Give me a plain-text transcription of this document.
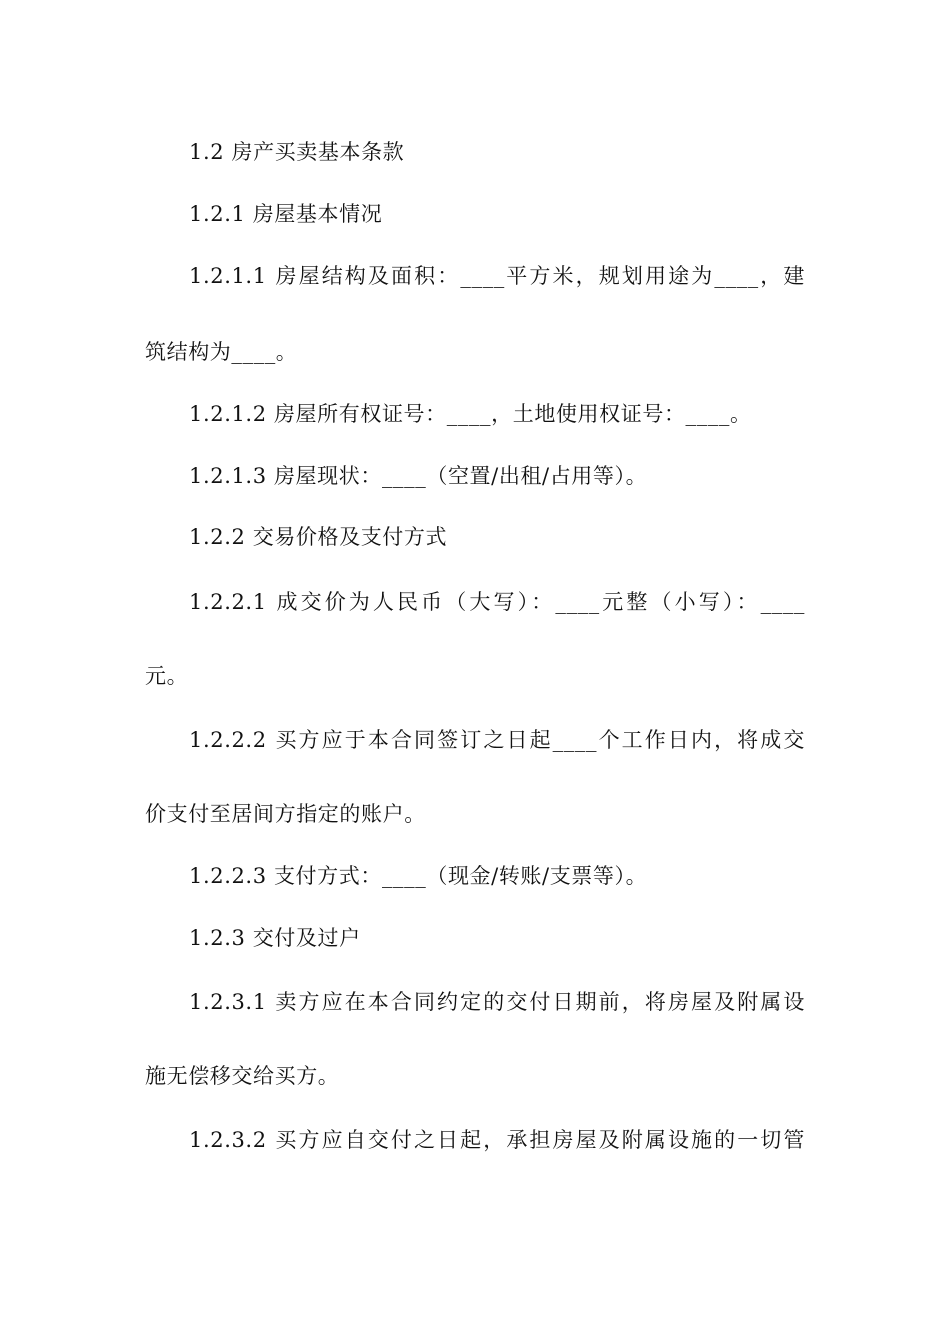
1.2 房产买卖基本条款
1.2.1 房屋基本情况
1.2.1.1 房屋结构及面积：____平方米，规划用途为____，建
筑结构为____。
1.2.1.2 房屋所有权证号：____，土地使用权证号：____。
1.2.1.3 房屋现状：____（空置/出租/占用等）。
1.2.2 交易价格及支付方式
1.2.2.1 成交价为人民币（大写）：____元整（小写）：____
元。
1.2.2.2 买方应于本合同签订之日起____个工作日内，将成交
价支付至居间方指定的账户。
1.2.2.3 支付方式：____（现金/转账/支票等）。
1.2.3 交付及过户
1.2.3.1 卖方应在本合同约定的交付日期前，将房屋及附属设
施无偿移交给买方。
1.2.3.2 买方应自交付之日起，承担房屋及附属设施的一切管
